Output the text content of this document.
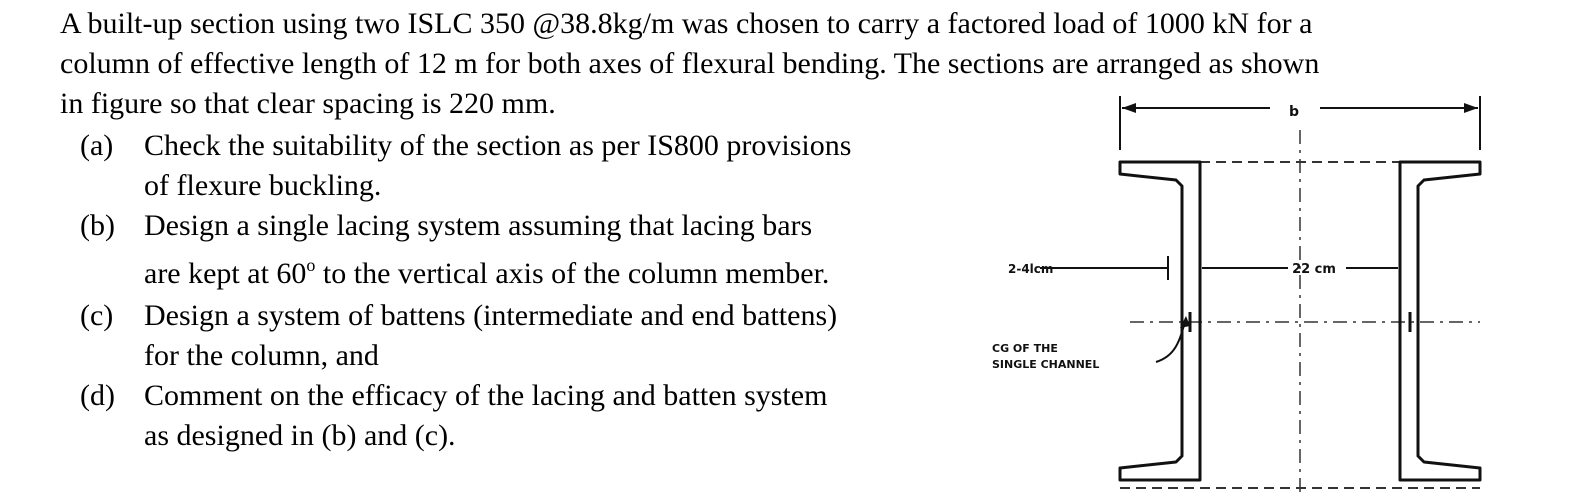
A built-up section using two ISLC 350 @38.8kg/m was chosen to carry a factored load of 1000 kN for a
column of effective length of 12 m for both axes of flexural bending. The sections are arranged as shown
in figure so that clear spacing is 220 mm.
(a) Check the suitability of the section as per IS800 provisions
of flexure buckling.
(b) Design a single lacing system assuming that lacing bars
are kept at 60$^o$ to the vertical axis of the column member.
(c) Design a system of battens (intermediate and end battens)
for the column, and
(d) Comment on the efficacy of the lacing and batten system
as designed in (b) and (c).
b
2-4lcm	22 cm
CG OF THE
SINGLE CHANNEL
